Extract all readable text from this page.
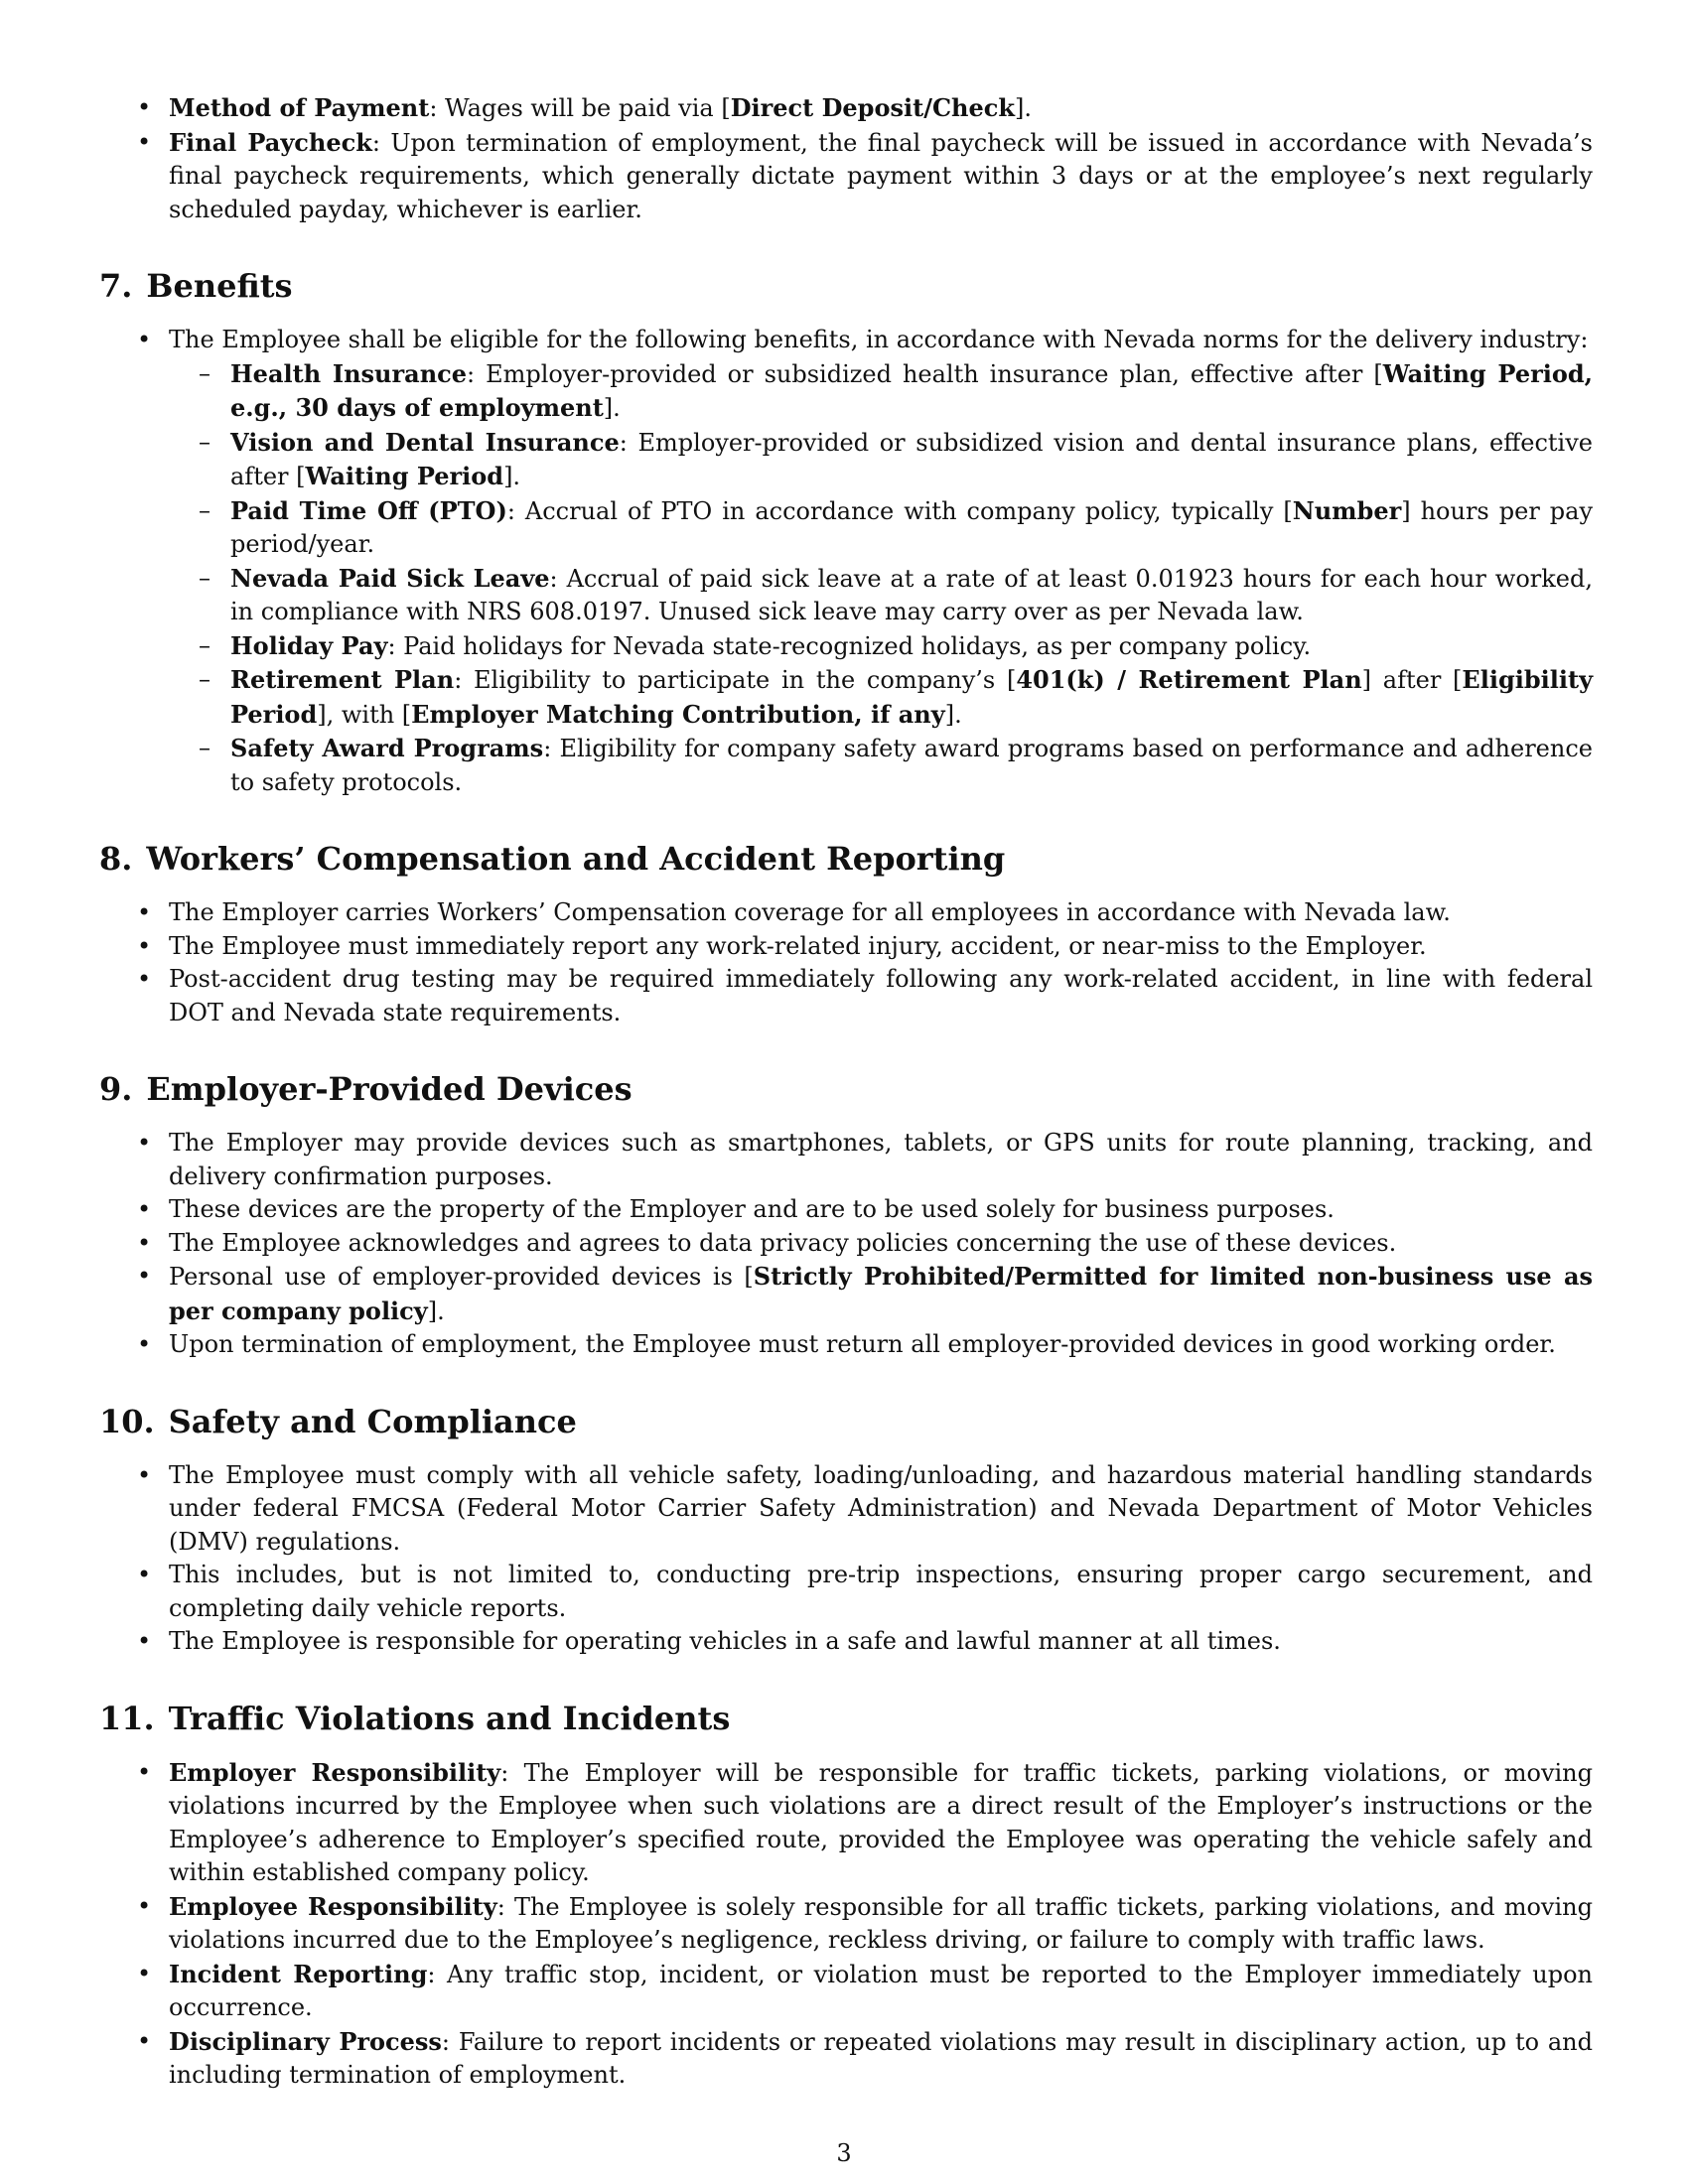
• Method of Payment: Wages will be paid via [Direct Deposit/Check].
• Final Paycheck: Upon termination of employment, the final paycheck will be issued in accordance with Nevada’s final paycheck requirements, which generally dictate payment within 3 days or at the employee’s next regularly scheduled payday, whichever is earlier.
7. Benefits
• The Employee shall be eligible for the following benefits, in accordance with Nevada norms for the delivery industry:
– Health Insurance: Employer-provided or subsidized health insurance plan, effective after [Waiting Period, e.g., 30 days of employment].
– Vision and Dental Insurance: Employer-provided or subsidized vision and dental insurance plans, effective after [Waiting Period].
– Paid Time Off (PTO): Accrual of PTO in accordance with company policy, typically [Number] hours per pay period/year.
– Nevada Paid Sick Leave: Accrual of paid sick leave at a rate of at least 0.01923 hours for each hour worked, in compliance with NRS 608.0197. Unused sick leave may carry over as per Nevada law.
– Holiday Pay: Paid holidays for Nevada state-recognized holidays, as per company policy.
– Retirement Plan: Eligibility to participate in the company’s [401(k) / Retirement Plan] after [Eligibility Period], with [Employer Matching Contribution, if any].
– Safety Award Programs: Eligibility for company safety award programs based on performance and adherence to safety protocols.
8. Workers’ Compensation and Accident Reporting
• The Employer carries Workers’ Compensation coverage for all employees in accordance with Nevada law.
• The Employee must immediately report any work-related injury, accident, or near-miss to the Employer.
• Post-accident drug testing may be required immediately following any work-related accident, in line with federal DOT and Nevada state requirements.
9. Employer-Provided Devices
• The Employer may provide devices such as smartphones, tablets, or GPS units for route planning, tracking, and delivery confirmation purposes.
• These devices are the property of the Employer and are to be used solely for business purposes.
• The Employee acknowledges and agrees to data privacy policies concerning the use of these devices.
• Personal use of employer-provided devices is [Strictly Prohibited/Permitted for limited non-business use as per company policy].
• Upon termination of employment, the Employee must return all employer-provided devices in good working order.
10. Safety and Compliance
• The Employee must comply with all vehicle safety, loading/unloading, and hazardous material handling standards under federal FMCSA (Federal Motor Carrier Safety Administration) and Nevada Department of Motor Vehicles (DMV) regulations.
• This includes, but is not limited to, conducting pre-trip inspections, ensuring proper cargo securement, and completing daily vehicle reports.
• The Employee is responsible for operating vehicles in a safe and lawful manner at all times.
11. Traffic Violations and Incidents
• Employer Responsibility: The Employer will be responsible for traffic tickets, parking violations, or moving violations incurred by the Employee when such violations are a direct result of the Employer’s instructions or the Employee’s adherence to Employer’s specified route, provided the Employee was operating the vehicle safely and within established company policy.
• Employee Responsibility: The Employee is solely responsible for all traffic tickets, parking violations, and moving violations incurred due to the Employee’s negligence, reckless driving, or failure to comply with traffic laws.
• Incident Reporting: Any traffic stop, incident, or violation must be reported to the Employer immediately upon occurrence.
• Disciplinary Process: Failure to report incidents or repeated violations may result in disciplinary action, up to and including termination of employment.
3
